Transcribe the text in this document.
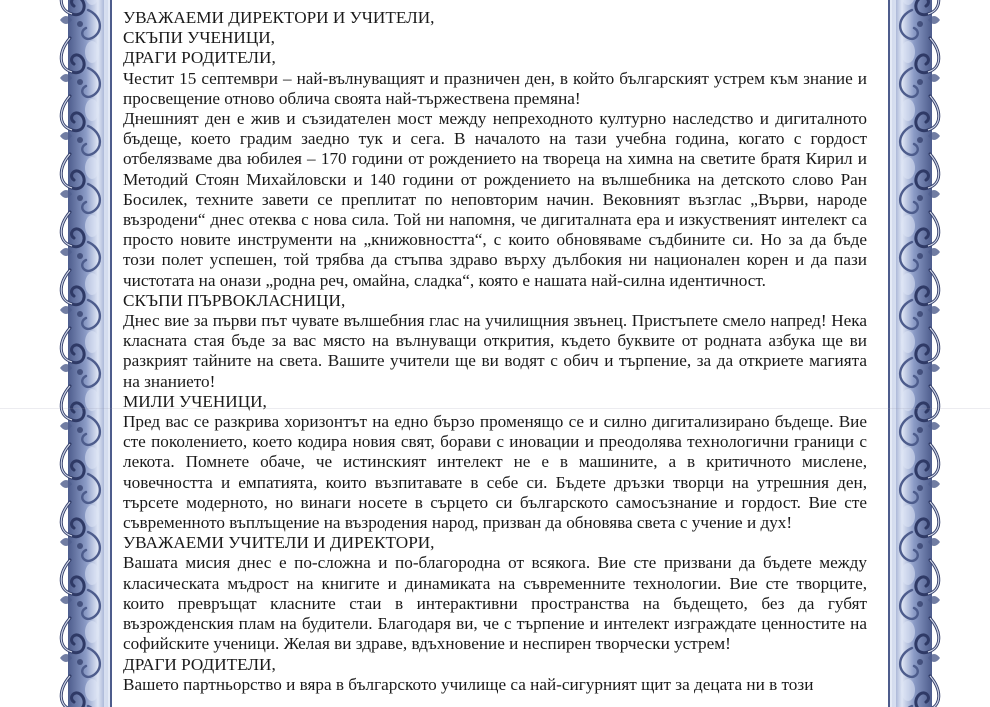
УВАЖАЕМИ ДИРЕКТОРИ И УЧИТЕЛИ,

СКЪПИ УЧЕНИЦИ,

ДРАГИ РОДИТЕЛИ,

Честит 15 септември – най-вълнуващият и празничен ден, в който българският устрем към знание и просвещение отново облича своята най-тържествена премяна!

Днешният ден е жив и съзидателен мост между непреходното културно наследство и дигиталното бъдеще, което градим заедно тук и сега. В началото на тази учебна година, когато с гордост отбелязваме два юбилея – 170 години от рождението на твореца на химна на светите братя Кирил и Методий Стоян Михайловски и 140 години от рождението на вълшебника на детското слово Ран Босилек, техните завети се преплитат по неповторим начин. Вековният възглас „Върви, народе възродени“ днес отеква с нова сила. Той ни напомня, че дигиталната ера и изкуственият интелект са просто новите инструменти на „книжовността“, с които обновяваме съдбините си. Но за да бъде този полет успешен, той трябва да стъпва здраво върху дълбокия ни национален корен и да пази чистотата на онази „родна реч, омайна, сладка“, която е нашата най-силна идентичност.

СКЪПИ ПЪРВОКЛАСНИЦИ,

Днес вие за първи път чувате вълшебния глас на училищния звънец. Пристъпете смело напред! Нека класната стая бъде за вас място на вълнуващи открития, където буквите от родната азбука ще ви разкрият тайните на света. Вашите учители ще ви водят с обич и търпение, за да откриете магията на знанието!

МИЛИ УЧЕНИЦИ,

Пред вас се разкрива хоризонтът на едно бързо променящо се и силно дигитализирано бъдеще. Вие сте поколението, което кодира новия свят, борави с иновации и преодолява технологични граници с лекота. Помнете обаче, че истинският интелект не е в машините, а в критичното мислене, човечността и емпатията, които възпитавате в себе си. Бъдете дръзки творци на утрешния ден, търсете модерното, но винаги носете в сърцето си българското самосъзнание и гордост. Вие сте съвременното въплъщение на възродения народ, призван да обновява света с учение и дух!

УВАЖАЕМИ УЧИТЕЛИ И ДИРЕКТОРИ,

Вашата мисия днес е по-сложна и по-благородна от всякога. Вие сте призвани да бъдете между класическата мъдрост на книгите и динамиката на съвременните технологии. Вие сте творците, които превръщат класните стаи в интерактивни пространства на бъдещето, без да губят възрожденския плам на будители. Благодаря ви, че с търпение и интелект изграждате ценностите на софийските ученици. Желая ви здраве, вдъхновение и неспирен творчески устрем!

ДРАГИ РОДИТЕЛИ,

Вашето партньорство и вяра в българското училище са най-сигурният щит за децата ни в този
